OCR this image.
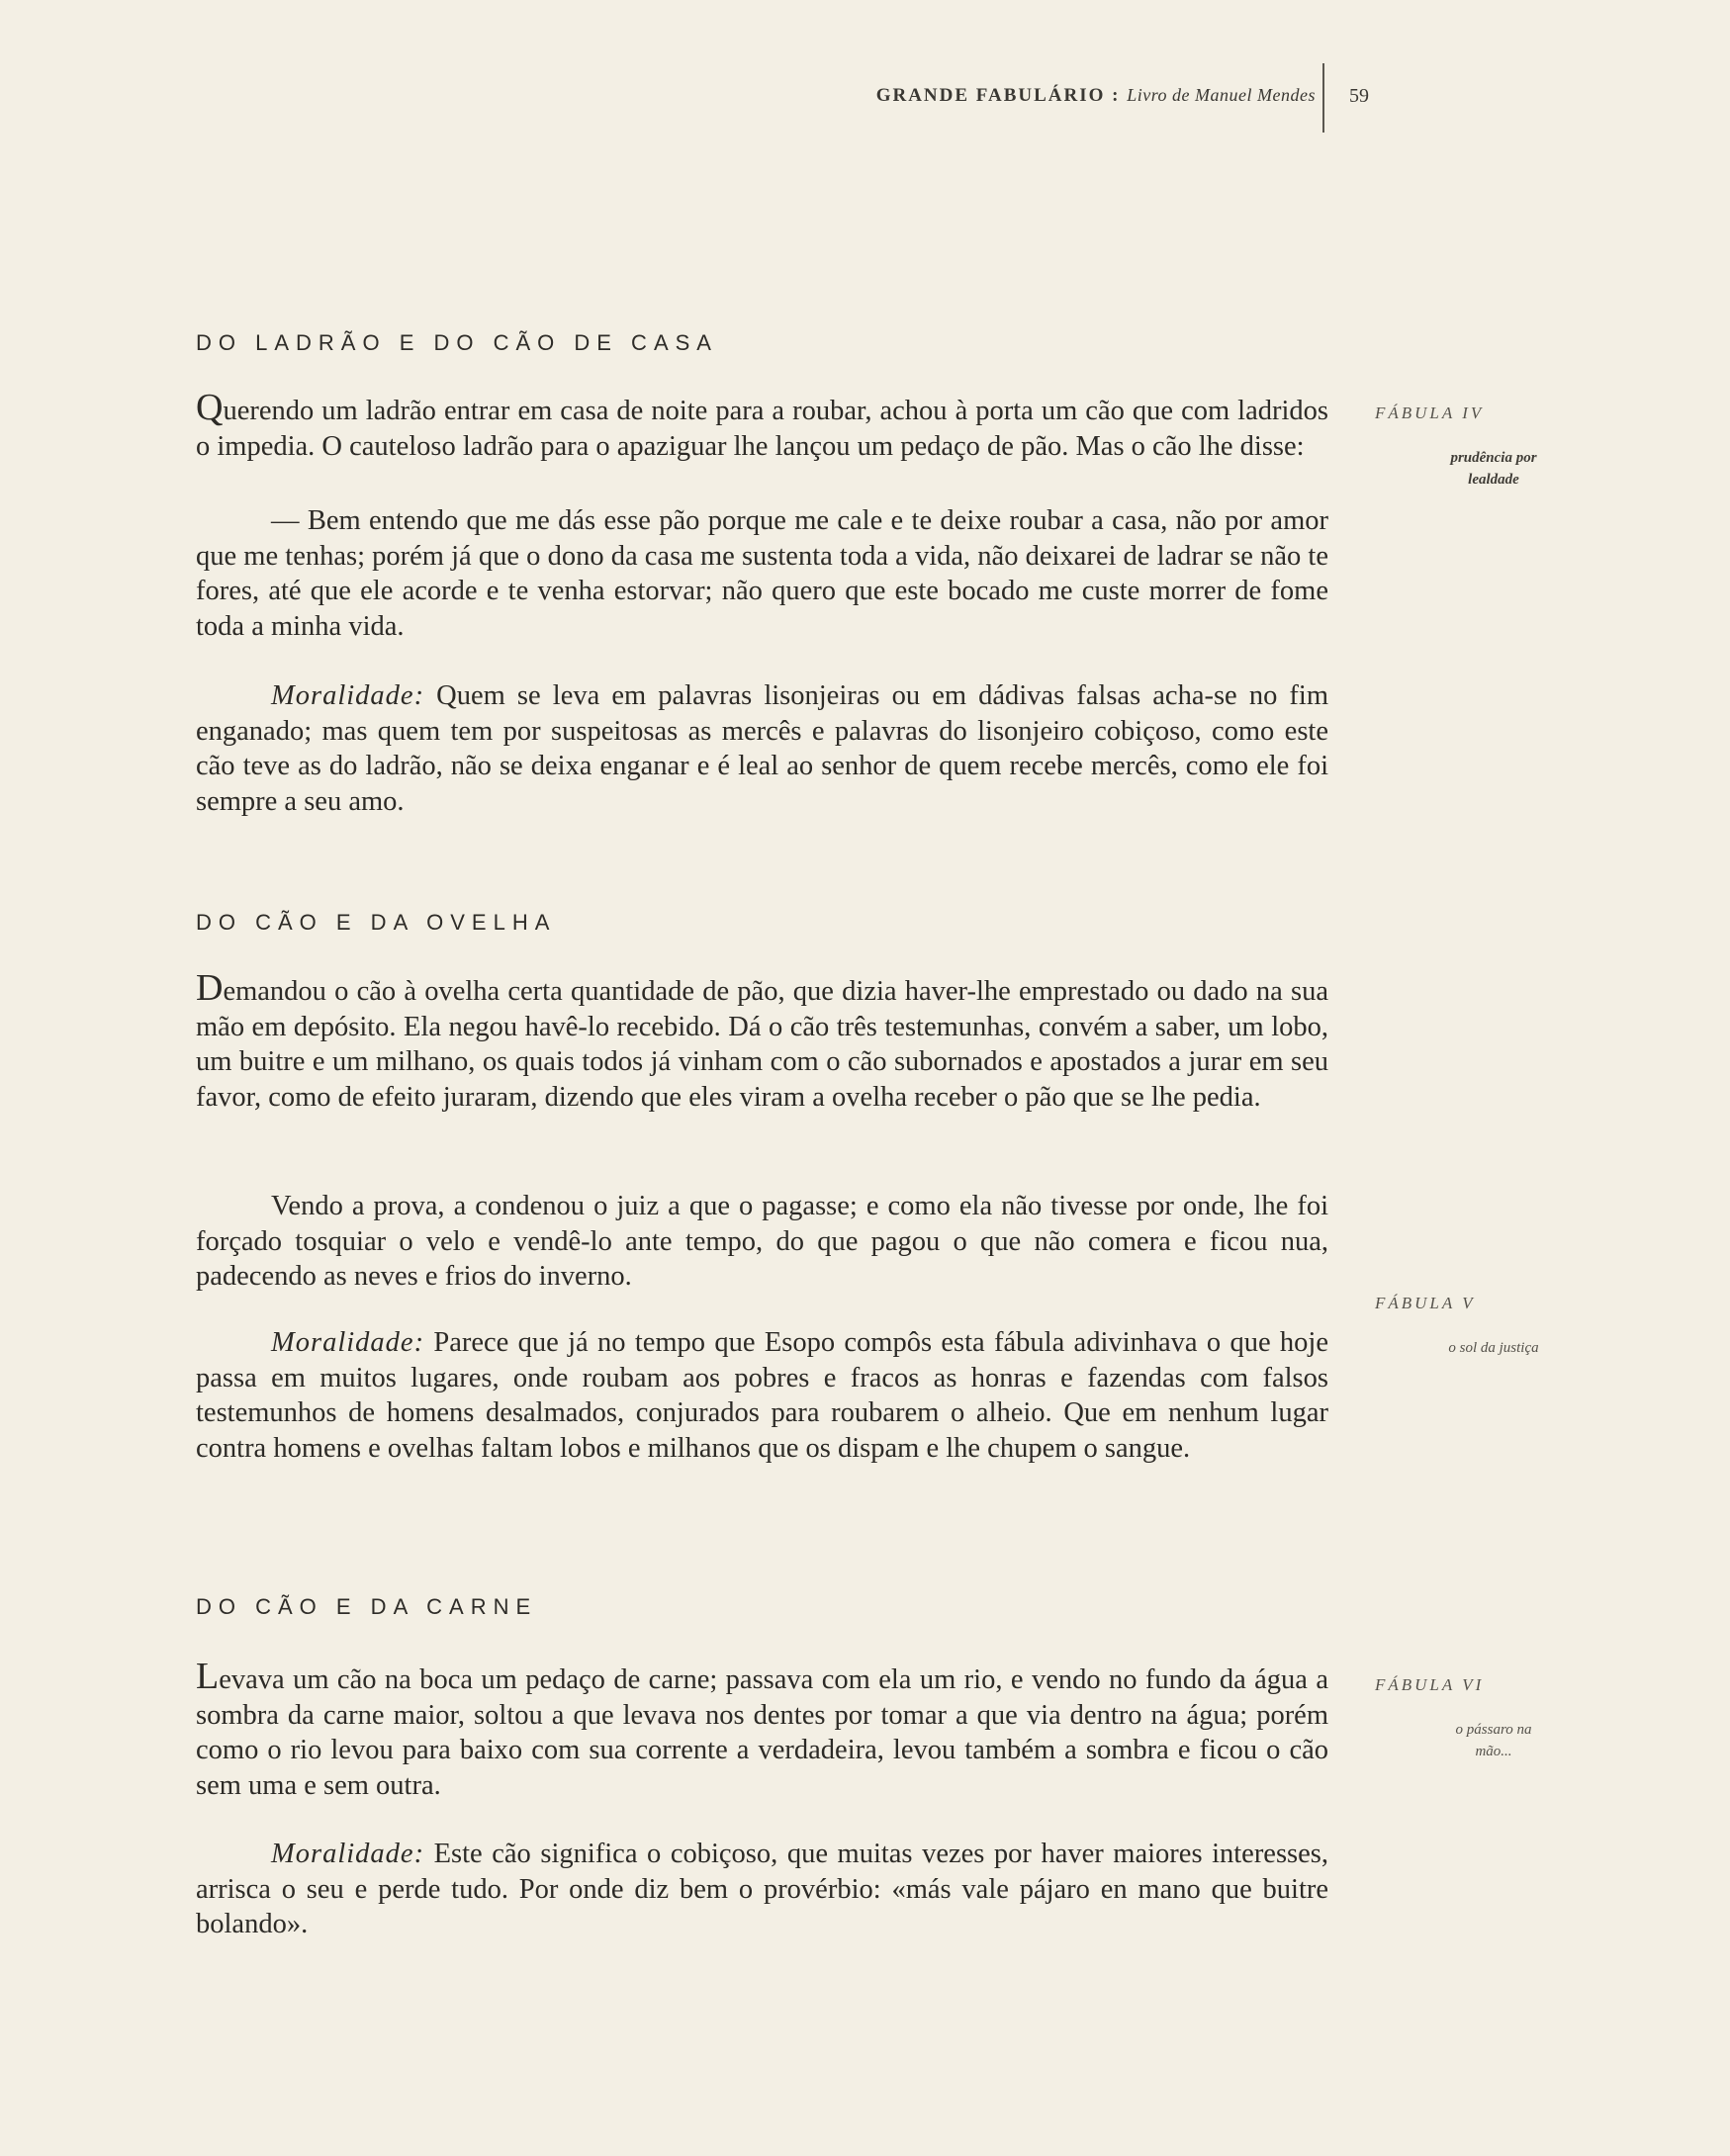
GRANDE FABULÁRIO : Livro de Manuel Mendes 59
DO LADRÃO E DO CÃO DE CASA
Querendo um ladrão entrar em casa de noite para a roubar, achou à porta um cão que com ladridos o impedia. O cauteloso ladrão para o apaziguar lhe lançou um pedaço de pão. Mas o cão lhe disse:
— Bem entendo que me dás esse pão porque me cale e te deixe roubar a casa, não por amor que me tenhas; porém já que o dono da casa me sustenta toda a vida, não deixarei de ladrar se não te fores, até que ele acorde e te venha estorvar; não quero que este bocado me custe morrer de fome toda a minha vida.
Moralidade: Quem se leva em palavras lisonjeiras ou em dádivas falsas acha-se no fim enganado; mas quem tem por suspeitosas as mercês e palavras do lisonjeiro cobiçoso, como este cão teve as do ladrão, não se deixa enganar e é leal ao senhor de quem recebe mercês, como ele foi sempre a seu amo.
FÁBULA IV
prudência por
lealdade
DO CÃO E DA OVELHA
Demandou o cão à ovelha certa quantidade de pão, que dizia haver-lhe emprestado ou dado na sua mão em depósito. Ela negou havê-lo recebido. Dá o cão três testemunhas, convém a saber, um lobo, um buitre e um milhano, os quais todos já vinham com o cão subornados e apostados a jurar em seu favor, como de efeito juraram, dizendo que eles viram a ovelha receber o pão que se lhe pedia.
Vendo a prova, a condenou o juiz a que o pagasse; e como ela não tivesse por onde, lhe foi forçado tosquiar o velo e vendê-lo ante tempo, do que pagou o que não comera e ficou nua, padecendo as neves e frios do inverno.
Moralidade: Parece que já no tempo que Esopo compôs esta fábula adivinhava o que hoje passa em muitos lugares, onde roubam aos pobres e fracos as honras e fazendas com falsos testemunhos de homens desalmados, conjurados para roubarem o alheio. Que em nenhum lugar contra homens e ovelhas faltam lobos e milhanos que os dispam e lhe chupem o sangue.
FÁBULA V
o sol da justiça
DO CÃO E DA CARNE
Levava um cão na boca um pedaço de carne; passava com ela um rio, e vendo no fundo da água a sombra da carne maior, soltou a que levava nos dentes por tomar a que via dentro na água; porém como o rio levou para baixo com sua corrente a verdadeira, levou também a sombra e ficou o cão sem uma e sem outra.
Moralidade: Este cão significa o cobiçoso, que muitas vezes por haver maiores interesses, arrisca o seu e perde tudo. Por onde diz bem o provérbio: «más vale pájaro en mano que buitre bolando».
FÁBULA VI
o pássaro na
mão...
